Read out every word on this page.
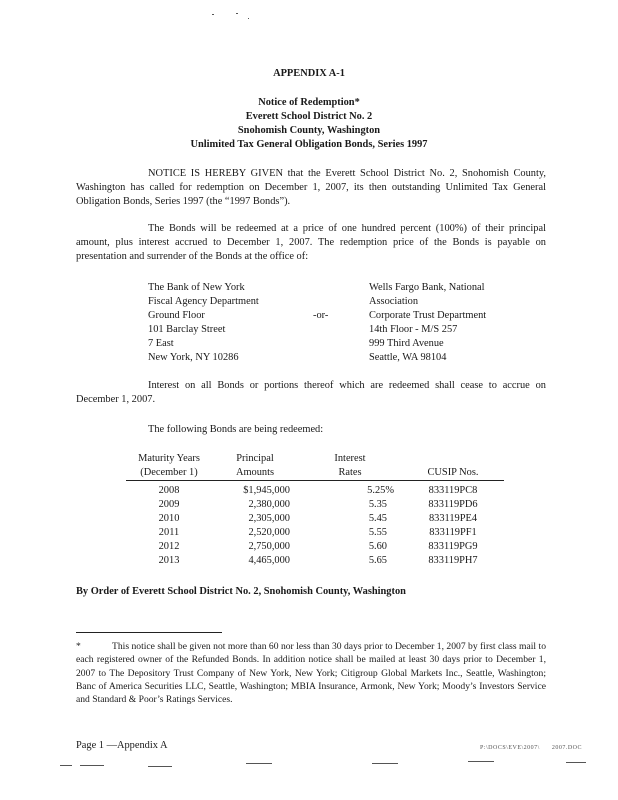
APPENDIX A-1
Notice of Redemption*
Everett School District No. 2
Snohomish County, Washington
Unlimited Tax General Obligation Bonds, Series 1997
NOTICE IS HEREBY GIVEN that the Everett School District No. 2, Snohomish County, Washington has called for redemption on December 1, 2007, its then outstanding Unlimited Tax General Obligation Bonds, Series 1997 (the “1997 Bonds”).
The Bonds will be redeemed at a price of one hundred percent (100%) of their principal amount, plus interest accrued to December 1, 2007. The redemption price of the Bonds is payable on presentation and surrender of the Bonds at the office of:
The Bank of New York
Fiscal Agency Department
Ground Floor
101 Barclay Street
7 East
New York, NY 10286
-or-
Wells Fargo Bank, National
Association
Corporate Trust Department
14th Floor - M/S 257
999 Third Avenue
Seattle, WA 98104
Interest on all Bonds or portions thereof which are redeemed shall cease to accrue on December 1, 2007.
The following Bonds are being redeemed:
Maturity Years	Principal	Interest	
(December 1)	Amounts	Rates	CUSIP Nos.
2008	$1,945,000	5.25%	833119PC8
2009	2,380,000	5.35	833119PD6
2010	2,305,000	5.45	833119PE4
2011	2,520,000	5.55	833119PF1
2012	2,750,000	5.60	833119PG9
2013	4,465,000	5.65	833119PH7
By Order of Everett School District No. 2, Snohomish County, Washington
*	This notice shall be given not more than 60 nor less than 30 days prior to December 1, 2007 by first class mail to each registered owner of the Refunded Bonds. In addition notice shall be mailed at least 30 days prior to December 1, 2007 to The Depository Trust Company of New York, New York; Citigroup Global Markets Inc., Seattle, Washington; Banc of America Securities LLC, Seattle, Washington; MBIA Insurance, Armonk, New York; Moody’s Investors Service and Standard & Poor’s Ratings Services.
Page 1 —Appendix A	P:\DOCS\EVE\2007\ 2007.DOC
